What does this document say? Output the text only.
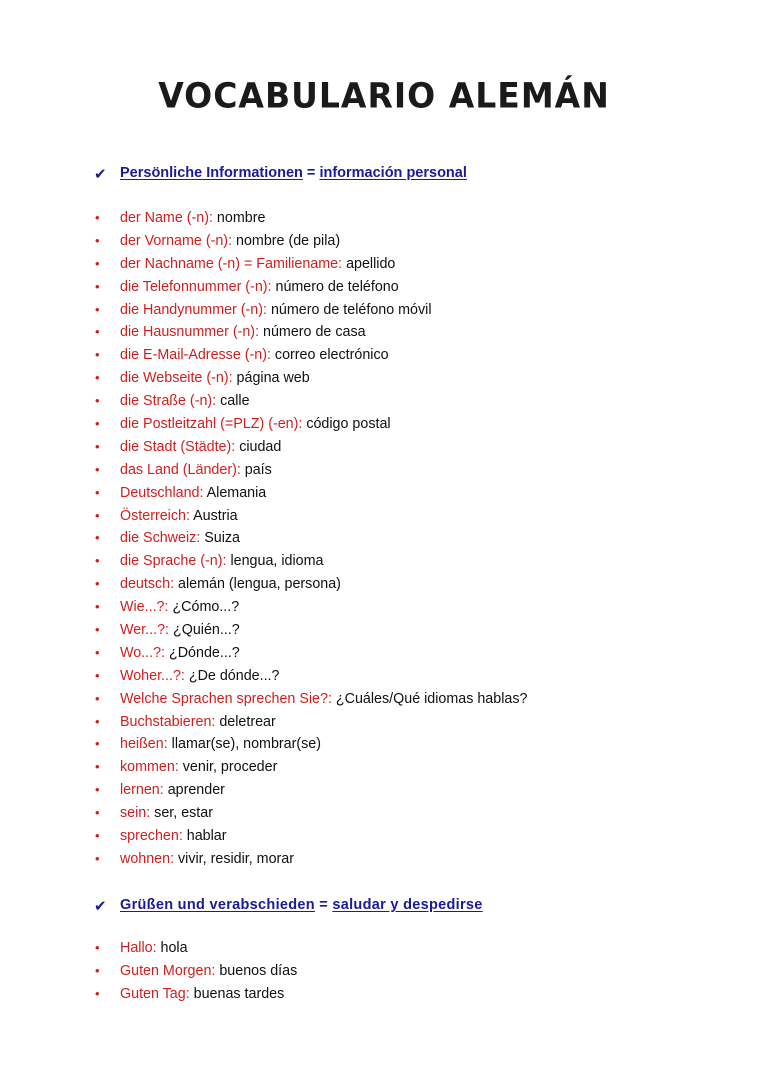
VOCABULARIO ALEMÁN
✔ Persönliche Informationen = información personal
• der Name (-n): nombre
• der Vorname (-n): nombre (de pila)
• der Nachname (-n) = Familiename: apellido
• die Telefonnummer (-n): número de teléfono
• die Handynummer (-n): número de teléfono móvil
• die Hausnummer (-n): número de casa
• die E-Mail-Adresse (-n): correo electrónico
• die Webseite (-n): página web
• die Straße (-n): calle
• die Postleitzahl (=PLZ) (-en): código postal
• die Stadt (Städte): ciudad
• das Land (Länder): país
• Deutschland: Alemania
• Österreich: Austria
• die Schweiz: Suiza
• die Sprache (-n): lengua, idioma
• deutsch: alemán (lengua, persona)
• Wie...?: ¿Cómo...?
• Wer...?: ¿Quién...?
• Wo...?: ¿Dónde...?
• Woher...?: ¿De dónde...?
• Welche Sprachen sprechen Sie?: ¿Cuáles/Qué idiomas hablas?
• Buchstabieren: deletrear
• heißen: llamar(se), nombrar(se)
• kommen: venir, proceder
• lernen: aprender
• sein: ser, estar
• sprechen: hablar
• wohnen: vivir, residir, morar
✔ Grüßen und verabschieden = saludar y despedirse
• Hallo: hola
• Guten Morgen: buenos días
• Guten Tag: buenas tardes
